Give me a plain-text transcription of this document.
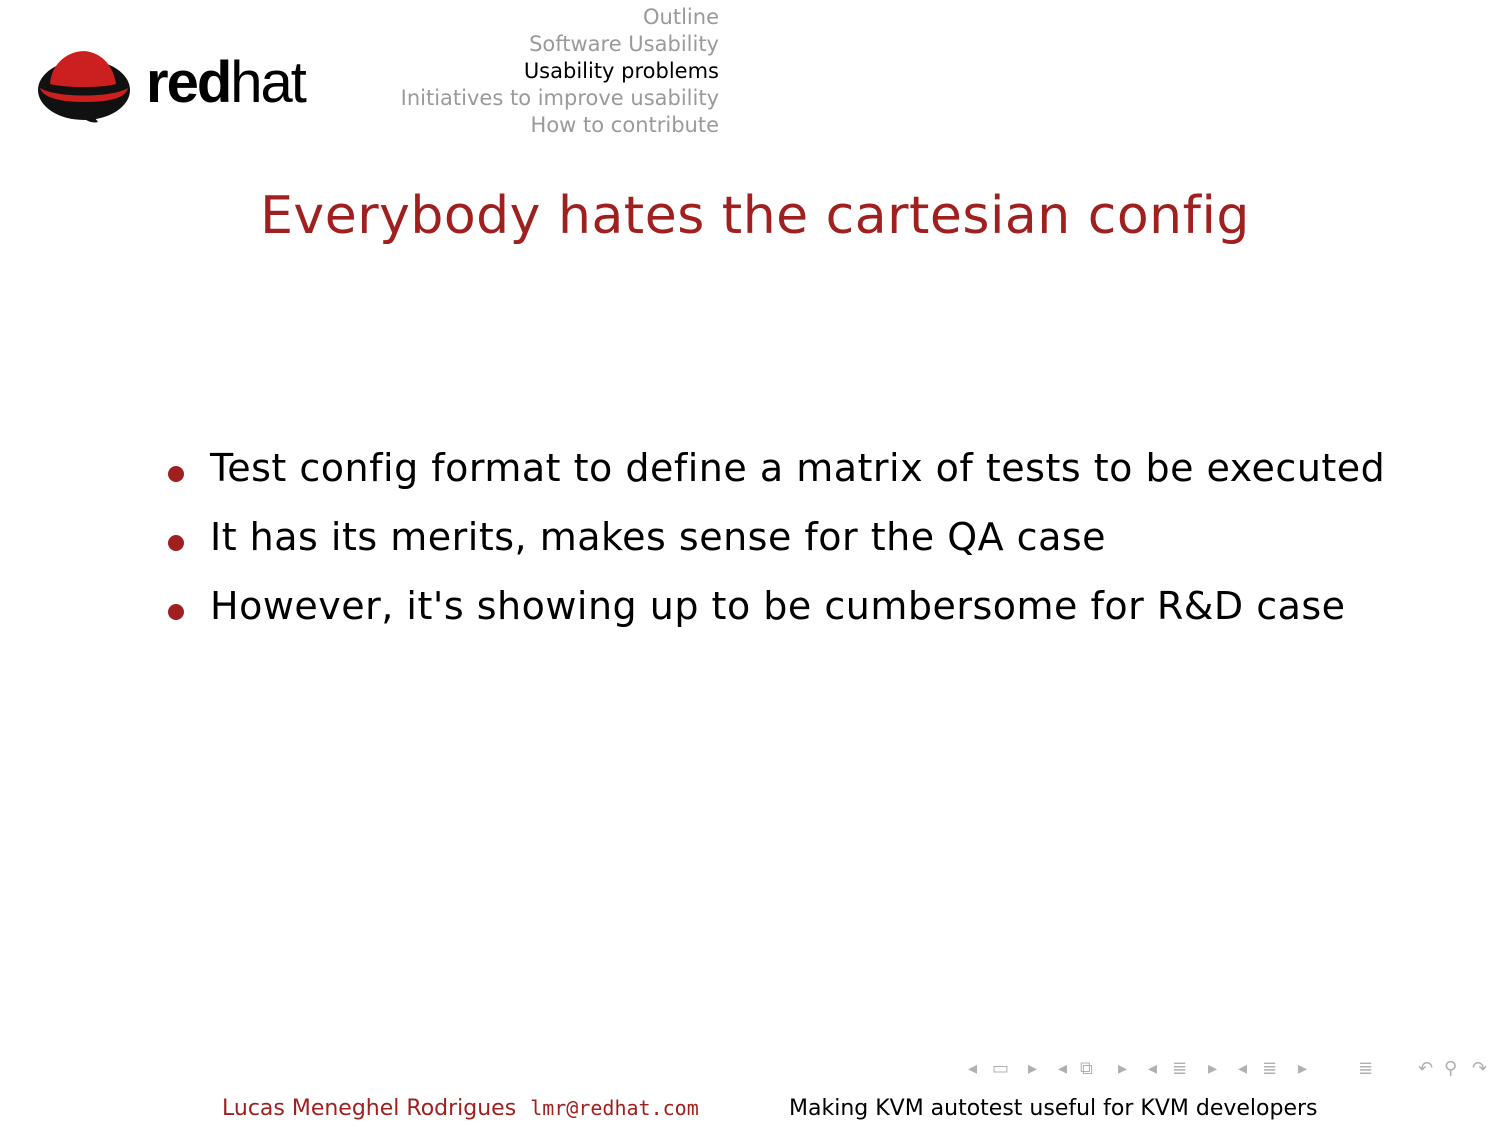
redhat
Outline
Software Usability
Usability problems
Initiatives to improve usability
How to contribute
Everybody hates the cartesian config
Test config format to define a matrix of tests to be executed
It has its merits, makes sense for the QA case
However, it's showing up to be cumbersome for R&D case
◂ ▭ ▸ ◂ ⧉ ▸ ◂ ≣ ▸ ◂ ≣ ▸	≣ ↶ ⚲ ↷
Lucas Meneghel Rodrigues lmr@redhat.com	Making KVM autotest useful for KVM developers
